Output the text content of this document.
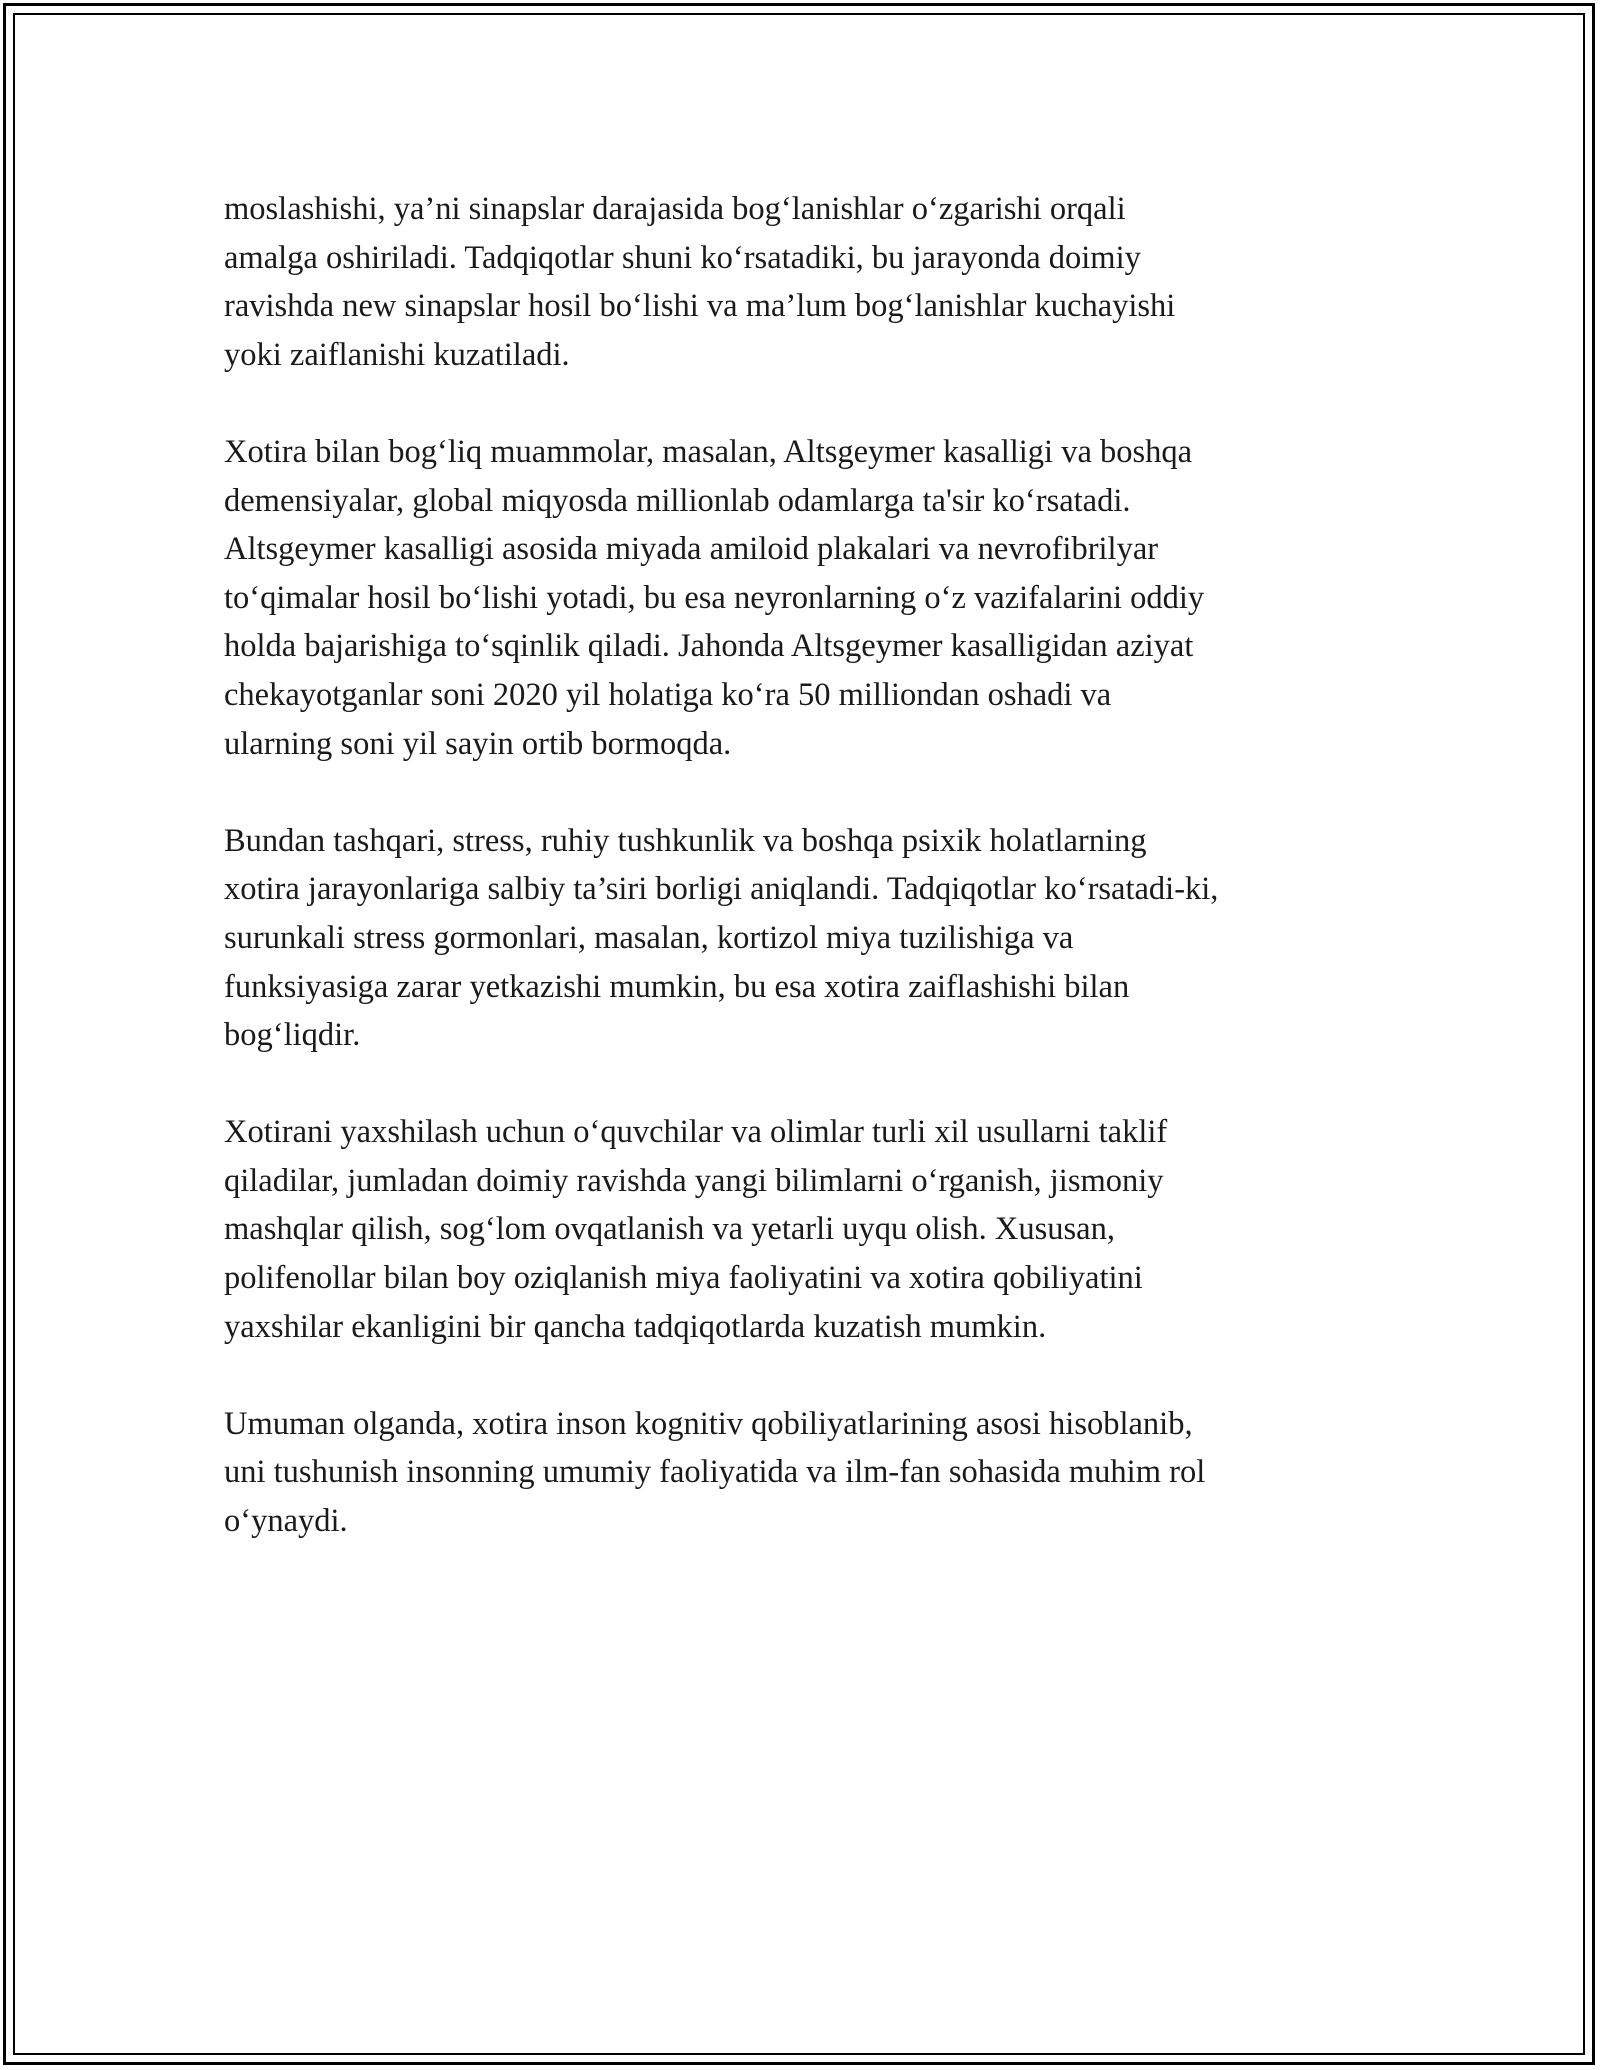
moslashishi, ya’ni sinapslar darajasida bog‘lanishlar o‘zgarishi orqali
amalga oshiriladi. Tadqiqotlar shuni ko‘rsatadiki, bu jarayonda doimiy
ravishda new sinapslar hosil bo‘lishi va ma’lum bog‘lanishlar kuchayishi
yoki zaiflanishi kuzatiladi.

Xotira bilan bog‘liq muammolar, masalan, Altsgeymer kasalligi va boshqa
demensiyalar, global miqyosda millionlab odamlarga ta'sir ko‘rsatadi.
Altsgeymer kasalligi asosida miyada amiloid plakalari va nevrofibrilyar
to‘qimalar hosil bo‘lishi yotadi, bu esa neyronlarning o‘z vazifalarini oddiy
holda bajarishiga to‘sqinlik qiladi. Jahonda Altsgeymer kasalligidan aziyat
chekayotganlar soni 2020 yil holatiga ko‘ra 50 milliondan oshadi va
ularning soni yil sayin ortib bormoqda.

Bundan tashqari, stress, ruhiy tushkunlik va boshqa psixik holatlarning
xotira jarayonlariga salbiy ta’siri borligi aniqlandi. Tadqiqotlar ko‘rsatadi-ki,
surunkali stress gormonlari, masalan, kortizol miya tuzilishiga va
funksiyasiga zarar yetkazishi mumkin, bu esa xotira zaiflashishi bilan
bog‘liqdir.

Xotirani yaxshilash uchun o‘quvchilar va olimlar turli xil usullarni taklif
qiladilar, jumladan doimiy ravishda yangi bilimlarni o‘rganish, jismoniy
mashqlar qilish, sog‘lom ovqatlanish va yetarli uyqu olish. Xususan,
polifenollar bilan boy oziqlanish miya faoliyatini va xotira qobiliyatini
yaxshilar ekanligini bir qancha tadqiqotlarda kuzatish mumkin.

Umuman olganda, xotira inson kognitiv qobiliyatlarining asosi hisoblanib,
uni tushunish insonning umumiy faoliyatida va ilm-fan sohasida muhim rol
o‘ynaydi.
